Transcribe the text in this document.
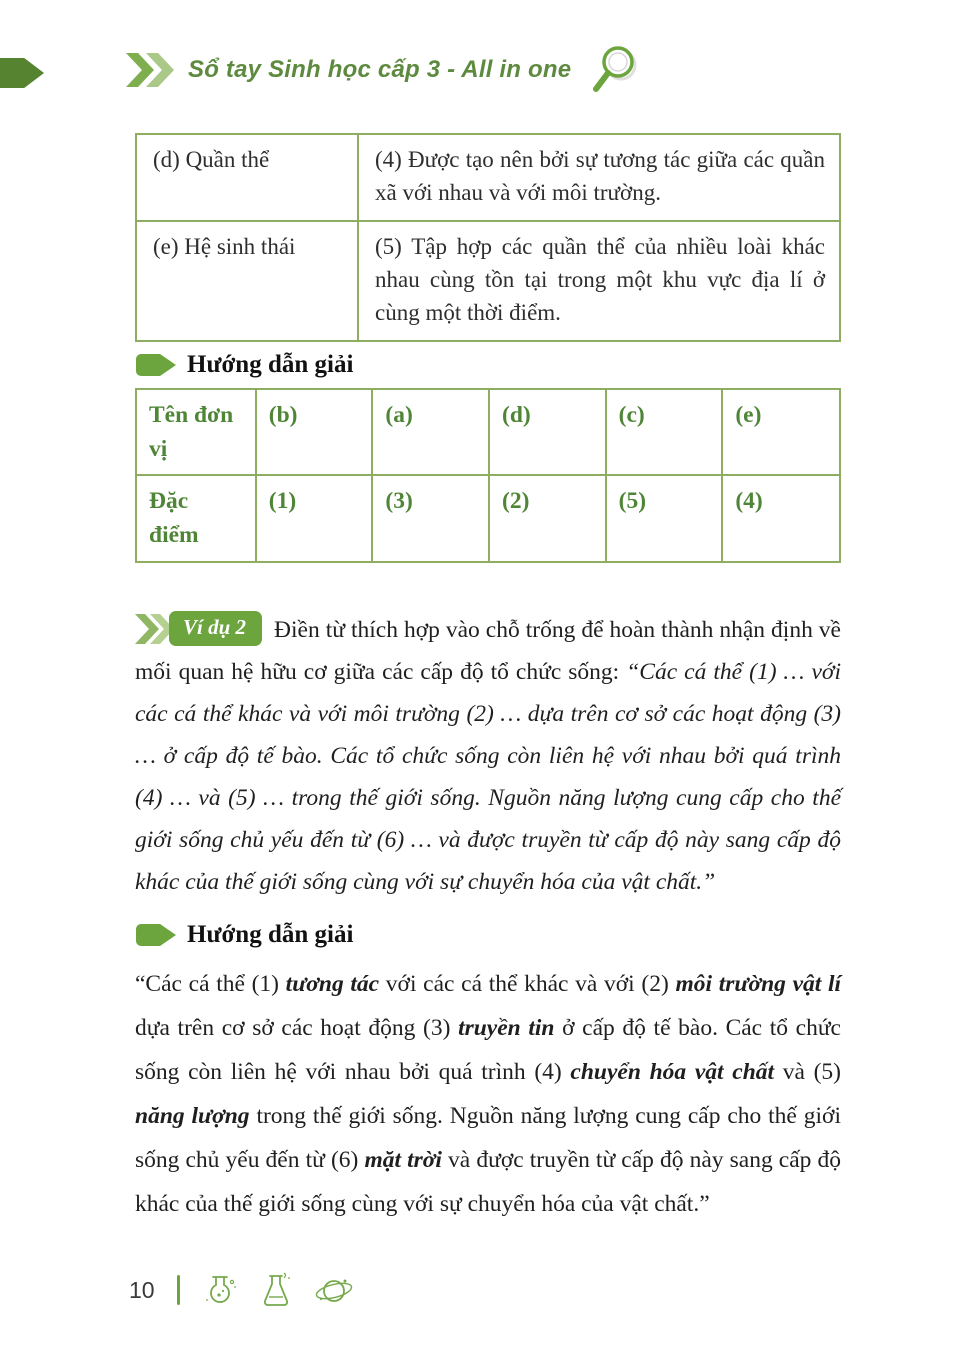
Sổ tay Sinh học cấp 3 - All in one
(d) Quần thể	(4) Được tạo nên bởi sự tương tác giữa các quần xã với nhau và với môi trường.
(e) Hệ sinh thái	(5) Tập hợp các quần thể của nhiều loài khác nhau cùng tồn tại trong một khu vực địa lí ở cùng một thời điểm.
Hướng dẫn giải
Tên đơn vị	(b)	(a)	(d)	(c)	(e)
Đặc điểm	(1)	(3)	(2)	(5)	(4)

Ví dụ 2	Điền từ thích hợp vào chỗ trống để hoàn thành nhận định về mối quan hệ hữu cơ giữa các cấp độ tổ chức sống: “Các cá thể (1) … với các cá thể khác và với môi trường (2) … dựa trên cơ sở các hoạt động (3) … ở cấp độ tế bào. Các tổ chức sống còn liên hệ với nhau bởi quá trình (4) … và (5) … trong thế giới sống. Nguồn năng lượng cung cấp cho thế giới sống chủ yếu đến từ (6) … và được truyền từ cấp độ này sang cấp độ khác của thế giới sống cùng với sự chuyển hóa của vật chất.”

Hướng dẫn giải

“Các cá thể (1) tương tác với các cá thể khác và với (2) môi trường vật lí dựa trên cơ sở các hoạt động (3) truyền tin ở cấp độ tế bào. Các tổ chức sống còn liên hệ với nhau bởi quá trình (4) chuyển hóa vật chất và (5) năng lượng trong thế giới sống. Nguồn năng lượng cung cấp cho thế giới sống chủ yếu đến từ (6) mặt trời và được truyền từ cấp độ này sang cấp độ khác của thế giới sống cùng với sự chuyển hóa của vật chất.”

10
